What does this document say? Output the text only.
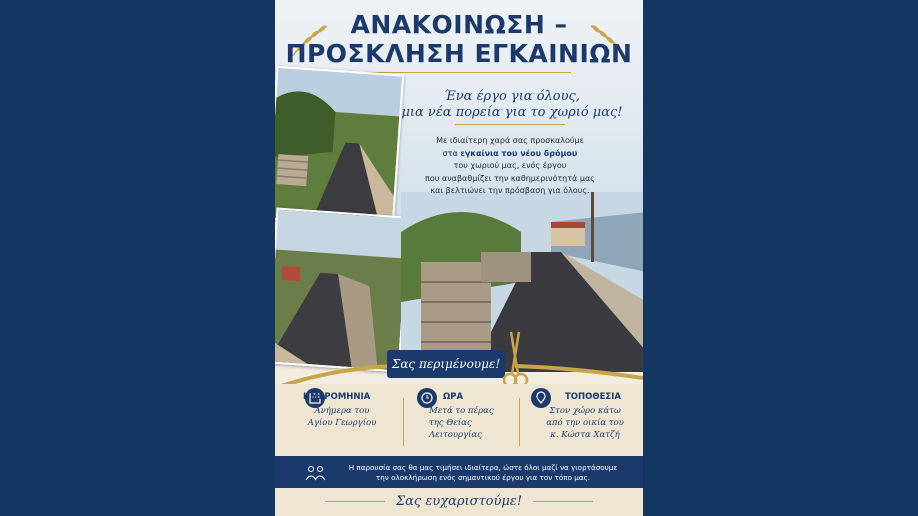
ΑΝΑΚΟΙΝΩΣΗ –
ΠΡΟΣΚΛΗΣΗ ΕΓΚΑΙΝΙΩΝ
Ένα έργο για όλους,
μια νέα πορεία για το χωριό μας!
Με ιδιαίτερη χαρά σας προσκαλούμε
στα εγκαίνια του νέου δρόμου
του χωριού μας, ενός έργου
που αναβαθμίζει την καθημερινότητά μας
και βελτιώνει την πρόσβαση για όλους.
Σας περιμένουμε!
ΗΜΕΡΟΜΗΝΙΑ
Ανήμερα του
Αγίου Γεωργίου
ΩΡΑ
Μετά το πέρας
της Θείας
Λειτουργίας
ΤΟΠΟΘΕΣΙΑ
Στον χώρο κάτω
από την οικία του
κ. Κώστα Χατζή
Η παρουσία σας θα μας τιμήσει ιδιαίτερα, ώστε όλοι μαζί να γιορτάσουμε
την ολοκλήρωση ενός σημαντικού έργου για τον τόπο μας.
Σας ευχαριστούμε!
